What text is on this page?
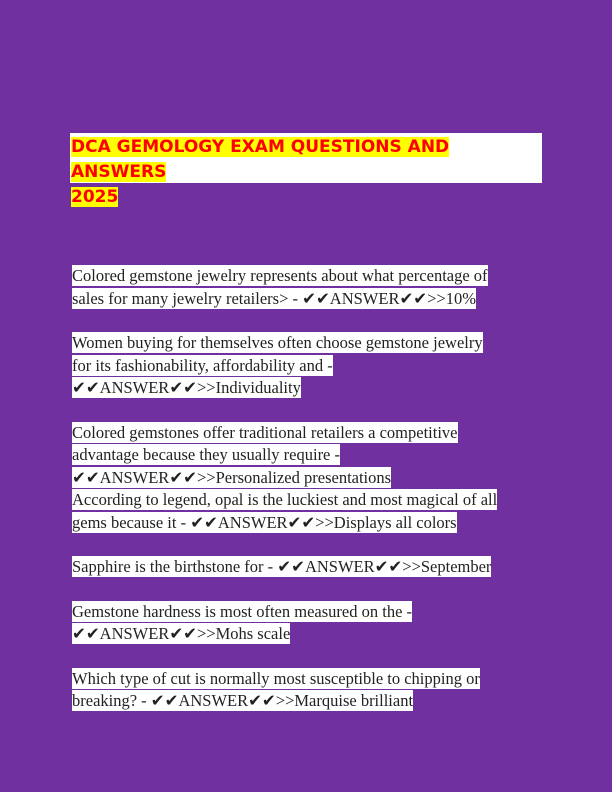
DCA GEMOLOGY EXAM QUESTIONS AND ANSWERS
2025

Colored gemstone jewelry represents about what percentage of
sales for many jewelry retailers> - ✔✔ANSWER✔✔>>10%

Women buying for themselves often choose gemstone jewelry
for its fashionability, affordability and -
✔✔ANSWER✔✔>>Individuality

Colored gemstones offer traditional retailers a competitive
advantage because they usually require -
✔✔ANSWER✔✔>>Personalized presentations

According to legend, opal is the luckiest and most magical of all
gems because it - ✔✔ANSWER✔✔>>Displays all colors

Sapphire is the birthstone for - ✔✔ANSWER✔✔>>September

Gemstone hardness is most often measured on the -
✔✔ANSWER✔✔>>Mohs scale

Which type of cut is normally most susceptible to chipping or
breaking? - ✔✔ANSWER✔✔>>Marquise brilliant
